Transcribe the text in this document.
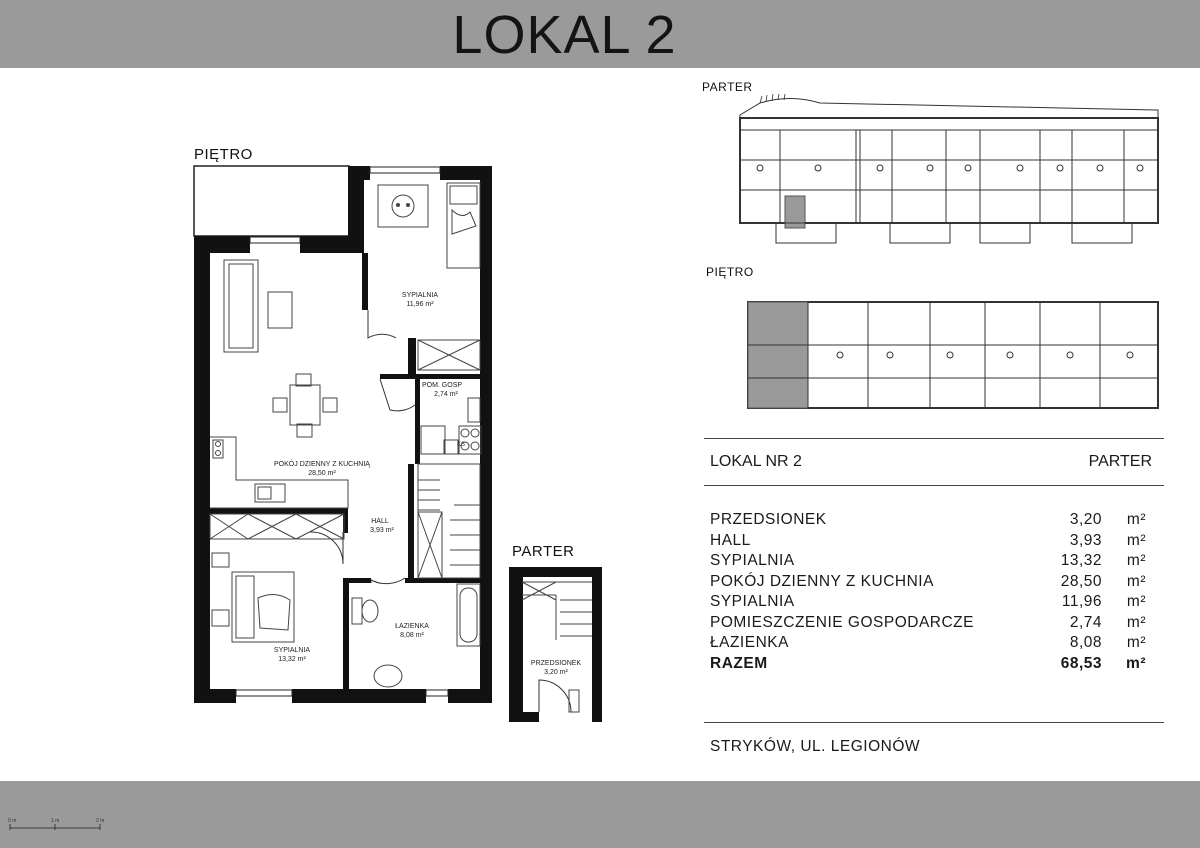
LOKAL 2
PIĘTRO
PARTER
PARTER
PIĘTRO
SYPIALNIA
11,96 m²
POM. GOSP
2,74 m²
POKÓJ DZIENNY Z KUCHNIĄ
28,50 m²
HALL
3,93 m²
ŁAZIENKA
8,08 m²
SYPIALNIA
13,32 m²
PRZEDSIONEK
3,20 m²
KS
LOKAL NR 2	PARTER
PRZEDSIONEK	3,20 m²
HALL	3,93 m²
SYPIALNIA	13,32 m²
POKÓJ DZIENNY Z KUCHNIA	28,50 m²
SYPIALNIA	11,96 m²
POMIESZCZENIE GOSPODARCZE	2,74 m²
ŁAZIENKA	8,08 m²
RAZEM	68,53 m²
STRYKÓW, UL. LEGIONÓW
0 m	1 m	2 m
